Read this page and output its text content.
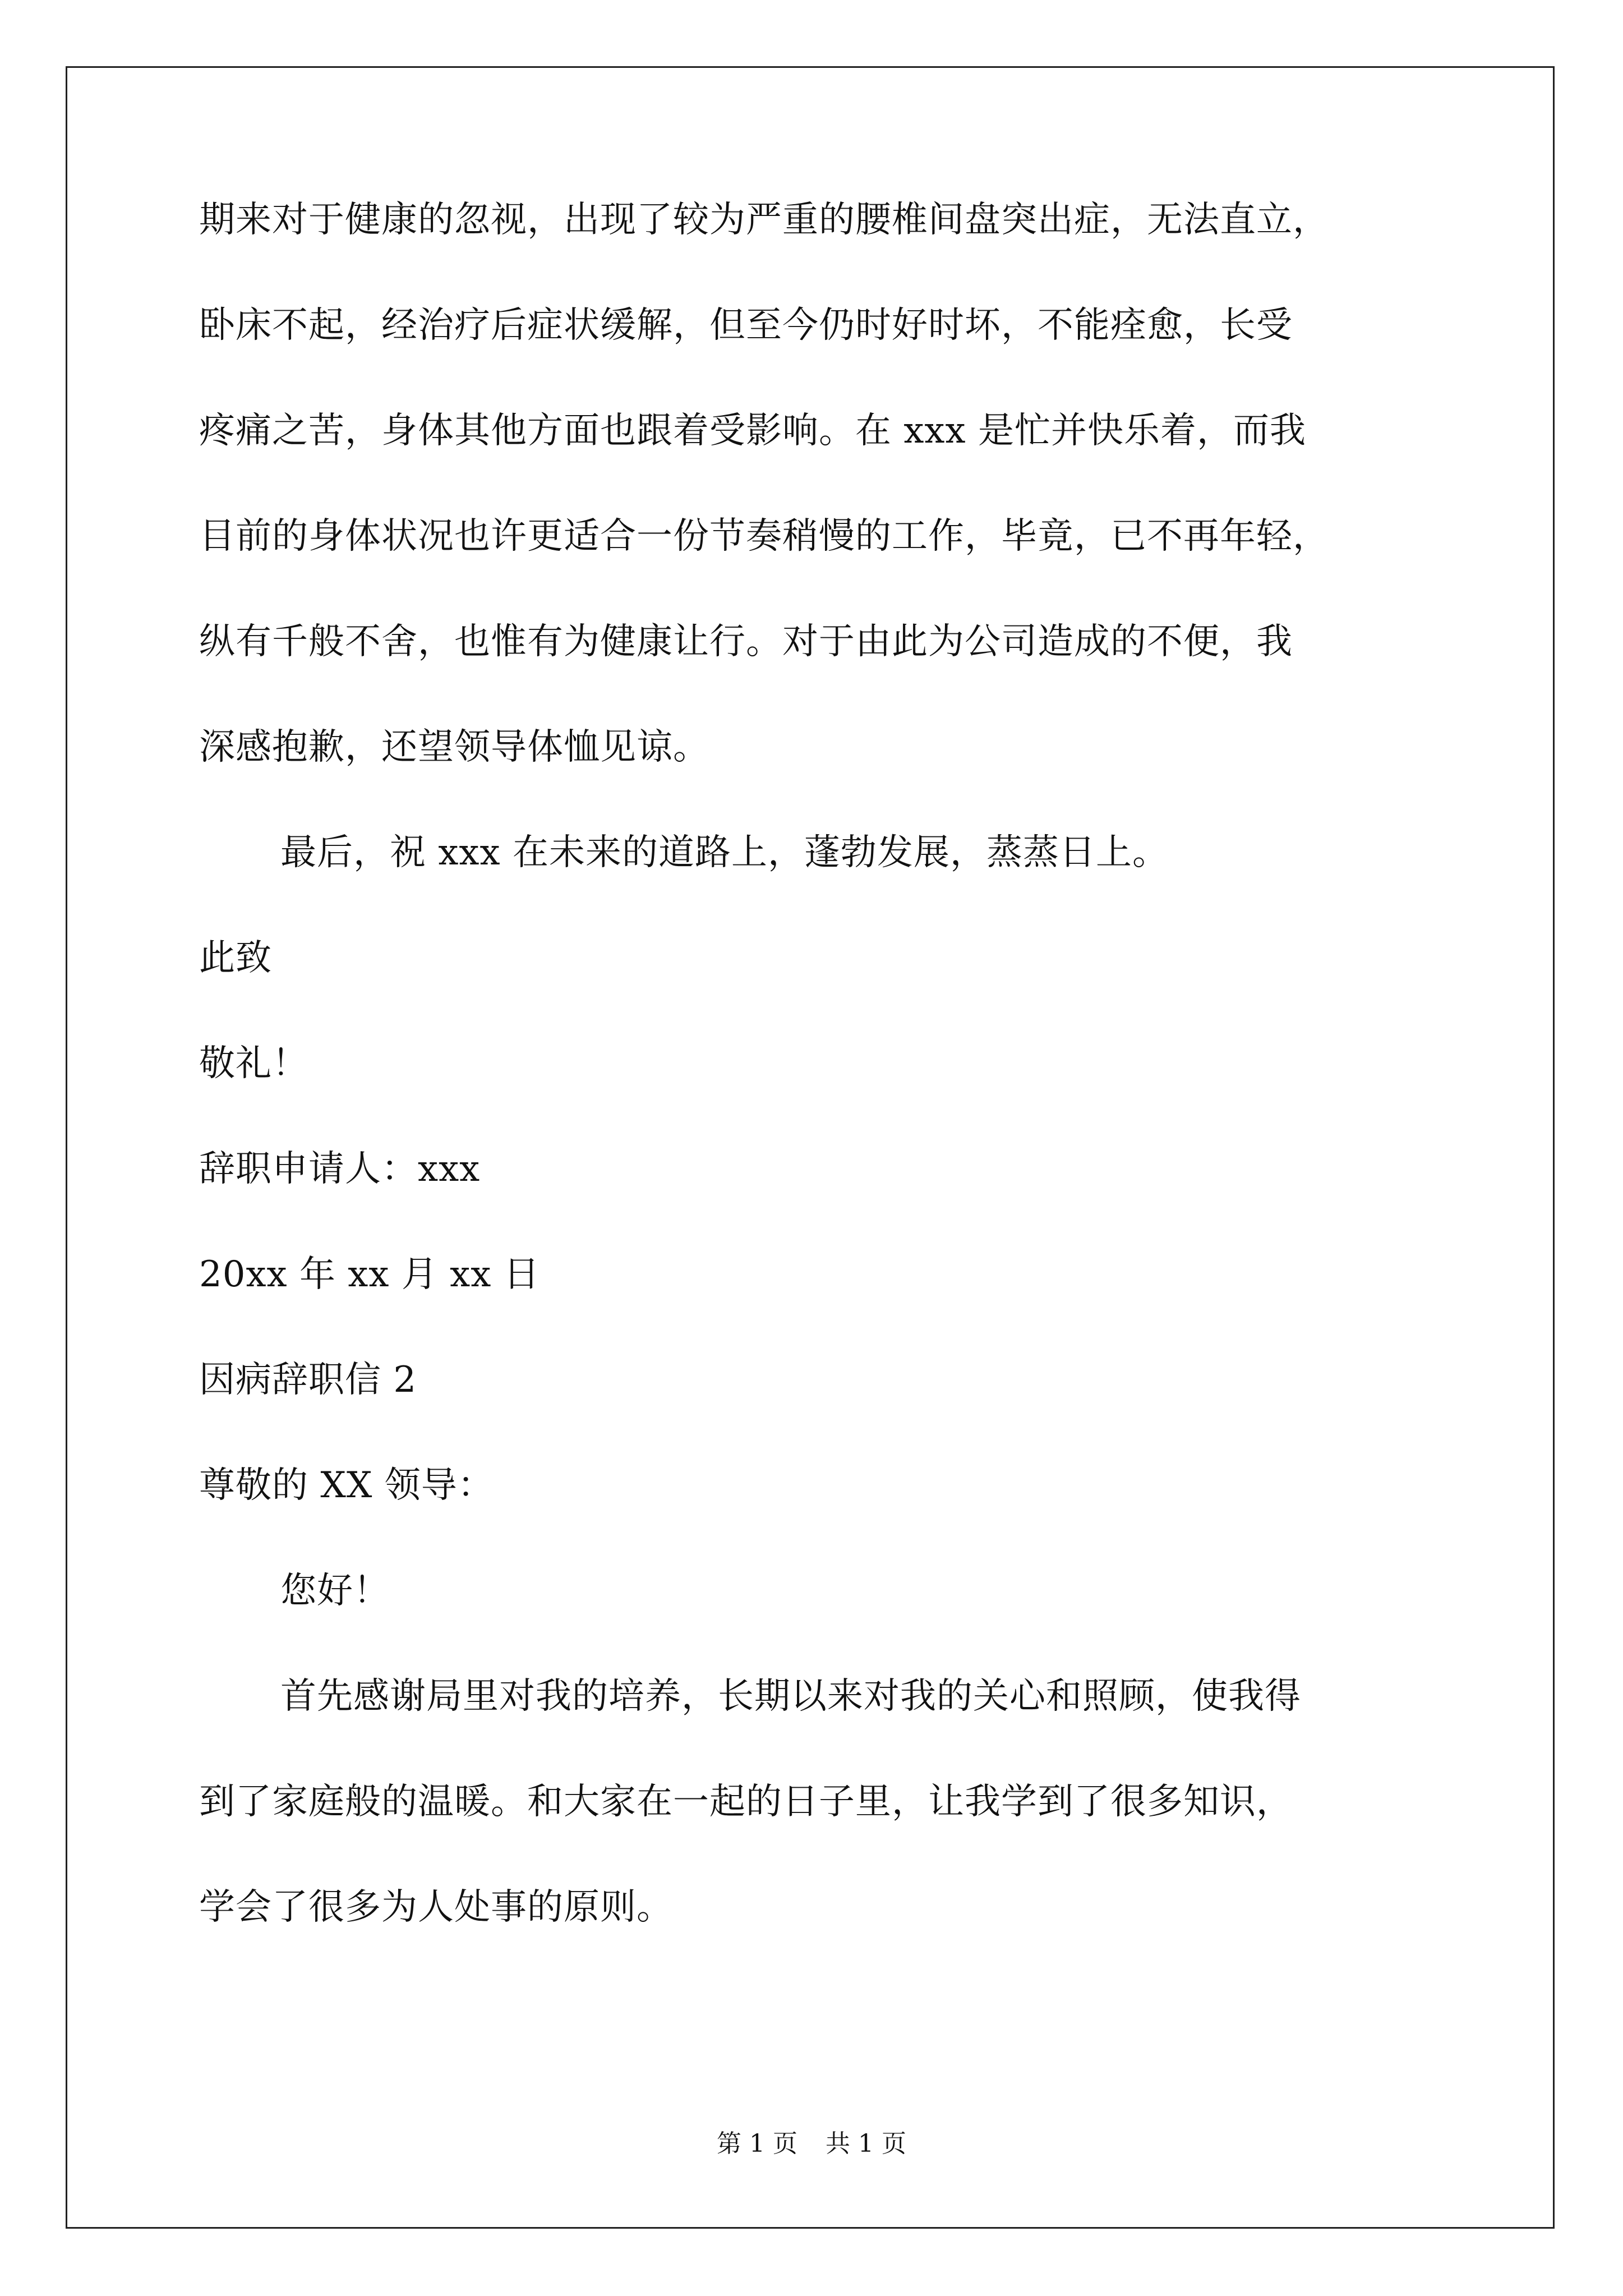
期来对于健康的忽视，出现了较为严重的腰椎间盘突出症，无法直立，
卧床不起，经治疗后症状缓解，但至今仍时好时坏，不能痊愈，长受
疼痛之苦，身体其他方面也跟着受影响。在 xxx 是忙并快乐着，而我
目前的身体状况也许更适合一份节奏稍慢的工作，毕竟，已不再年轻，
纵有千般不舍，也惟有为健康让行。对于由此为公司造成的不便，我
深感抱歉，还望领导体恤见谅。
最后，祝 xxx 在未来的道路上，蓬勃发展，蒸蒸日上。
此致
敬礼！
辞职申请人：xxx
20xx 年 xx 月 xx 日
因病辞职信 2
尊敬的 XX 领导：
您好！
首先感谢局里对我的培养，长期以来对我的关心和照顾，使我得
到了家庭般的温暖。和大家在一起的日子里，让我学到了很多知识，
学会了很多为人处事的原则。
第 1 页 共 1 页
